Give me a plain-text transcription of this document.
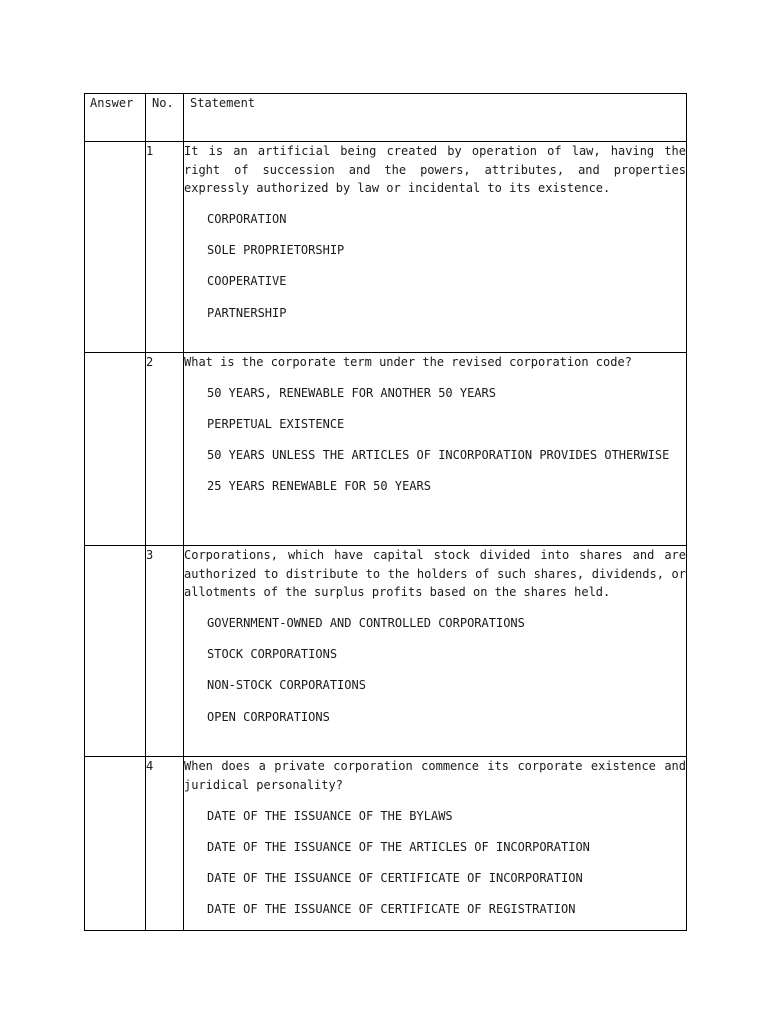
Answer	No.	Statement
	1	It is an artificial being created by operation of law, having the right of succession and the powers, attributes, and properties expressly authorized by law or incidental to its existence.

CORPORATION
SOLE PROPRIETORSHIP
COOPERATIVE
PARTNERSHIP

	2	What is the corporate term under the revised corporation code?

50 YEARS, RENEWABLE FOR ANOTHER 50 YEARS
PERPETUAL EXISTENCE
50 YEARS UNLESS THE ARTICLES OF INCORPORATION PROVIDES OTHERWISE
25 YEARS RENEWABLE FOR 50 YEARS

	3	Corporations, which have capital stock divided into shares and are authorized to distribute to the holders of such shares, dividends, or allotments of the surplus profits based on the shares held.

GOVERNMENT-OWNED AND CONTROLLED CORPORATIONS
STOCK CORPORATIONS
NON-STOCK CORPORATIONS
OPEN CORPORATIONS

	4	When does a private corporation commence its corporate existence and juridical personality?

DATE OF THE ISSUANCE OF THE BYLAWS
DATE OF THE ISSUANCE OF THE ARTICLES OF INCORPORATION
DATE OF THE ISSUANCE OF CERTIFICATE OF INCORPORATION
DATE OF THE ISSUANCE OF CERTIFICATE OF REGISTRATION
